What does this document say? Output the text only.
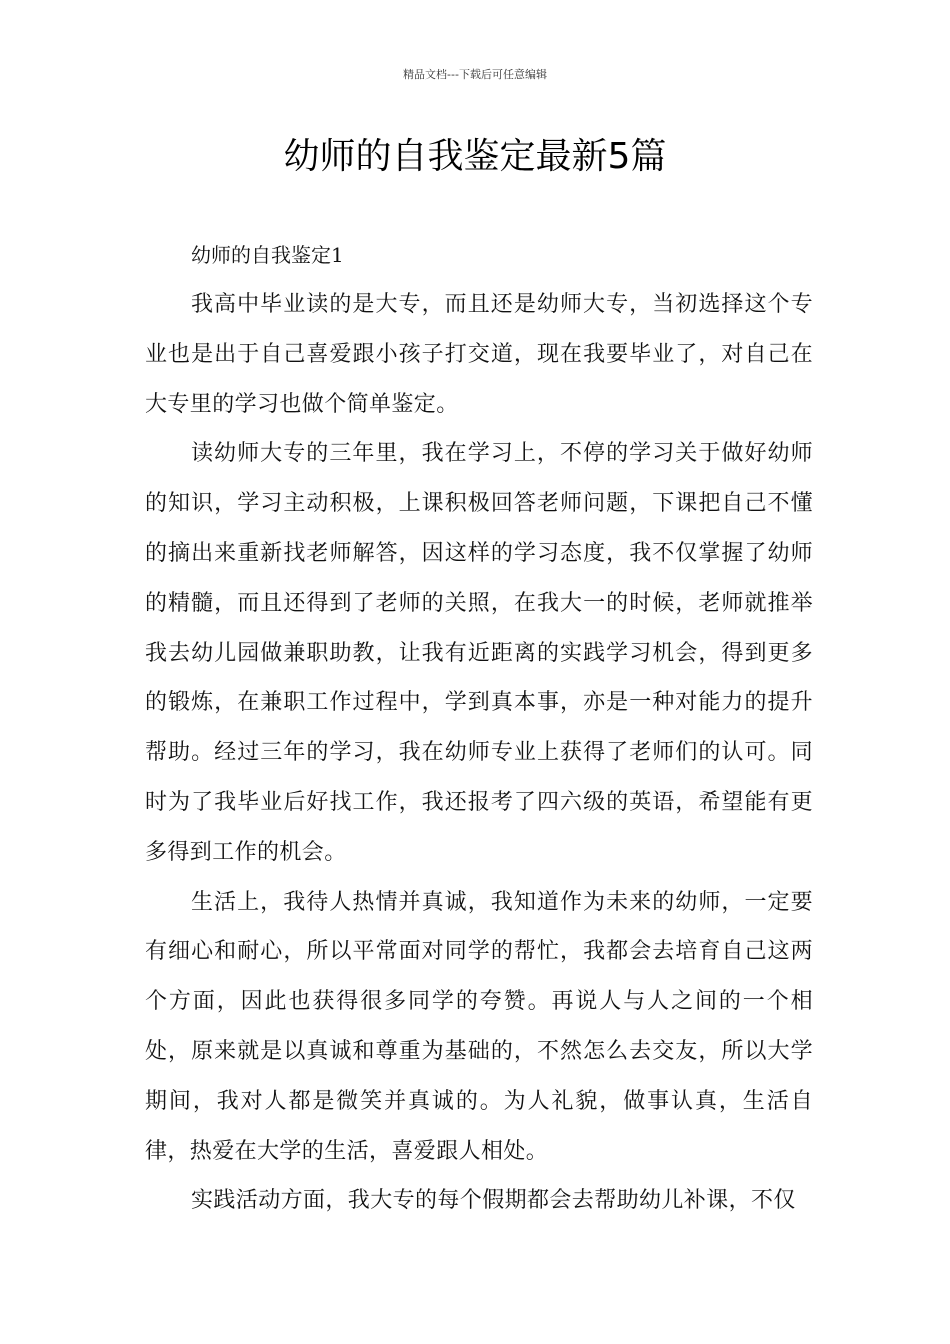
精品文档---下载后可任意编辑
幼师的自我鉴定最新5篇
幼师的自我鉴定1

我高中毕业读的是大专，而且还是幼师大专，当初选择这个专业也是出于自己喜爱跟小孩子打交道，现在我要毕业了，对自己在大专里的学习也做个简单鉴定。

读幼师大专的三年里，我在学习上，不停的学习关于做好幼师的知识，学习主动积极，上课积极回答老师问题，下课把自己不懂的摘出来重新找老师解答，因这样的学习态度，我不仅掌握了幼师的精髓，而且还得到了老师的关照，在我大一的时候，老师就推举我去幼儿园做兼职助教，让我有近距离的实践学习机会，得到更多的锻炼，在兼职工作过程中，学到真本事，亦是一种对能力的提升帮助。经过三年的学习，我在幼师专业上获得了老师们的认可。同时为了我毕业后好找工作，我还报考了四六级的英语，希望能有更多得到工作的机会。

生活上，我待人热情并真诚，我知道作为未来的幼师，一定要有细心和耐心，所以平常面对同学的帮忙，我都会去培育自己这两个方面，因此也获得很多同学的夸赞。再说人与人之间的一个相处，原来就是以真诚和尊重为基础的，不然怎么去交友，所以大学期间，我对人都是微笑并真诚的。为人礼貌，做事认真，生活自律，热爱在大学的生活，喜爱跟人相处。

实践活动方面，我大专的每个假期都会去帮助幼儿补课，不仅
